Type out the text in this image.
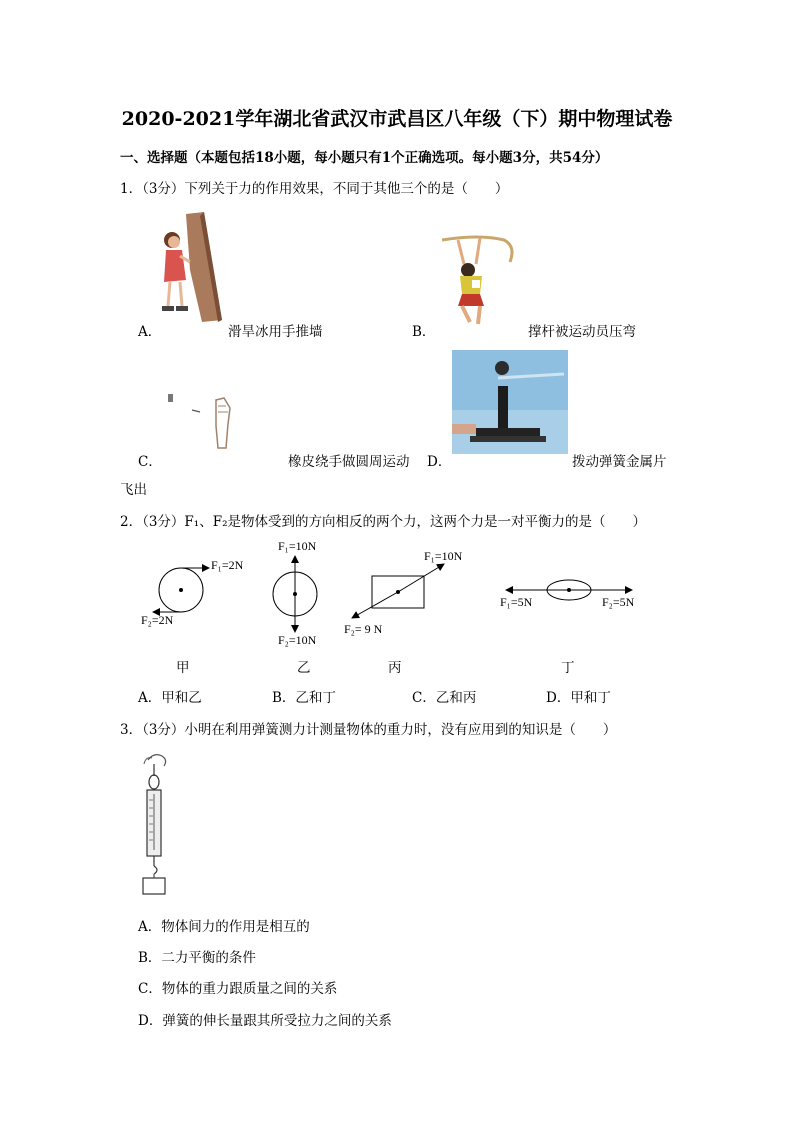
2020-2021学年湖北省武汉市武昌区八年级（下）期中物理试卷
一、选择题（本题包括18小题，每小题只有1个正确选项。每小题3分，共54分）
1．（3分）下列关于力的作用效果，不同于其他三个的是（　　）
A．	滑旱冰用手推墙	B．	撑杆被运动员压弯
C．	橡皮绕手做圆周运动 D．	拨动弹簧金属片
飞出
2．（3分）F₁、F₂是物体受到的方向相反的两个力，这两个力是一对平衡力的是（　　）
F₁=2N
F₂=2N
F₁=10N
F₂=10N
F₁=10N
F₂= 9 N
F₁=5N	F₂=5N
甲	乙	丙	丁
A．甲和乙	B．乙和丁	C．乙和丙	D．甲和丁
3．（3分）小明在利用弹簧测力计测量物体的重力时，没有应用到的知识是（　　）
A．物体间力的作用是相互的
B．二力平衡的条件
C．物体的重力跟质量之间的关系
D．弹簧的伸长量跟其所受拉力之间的关系
